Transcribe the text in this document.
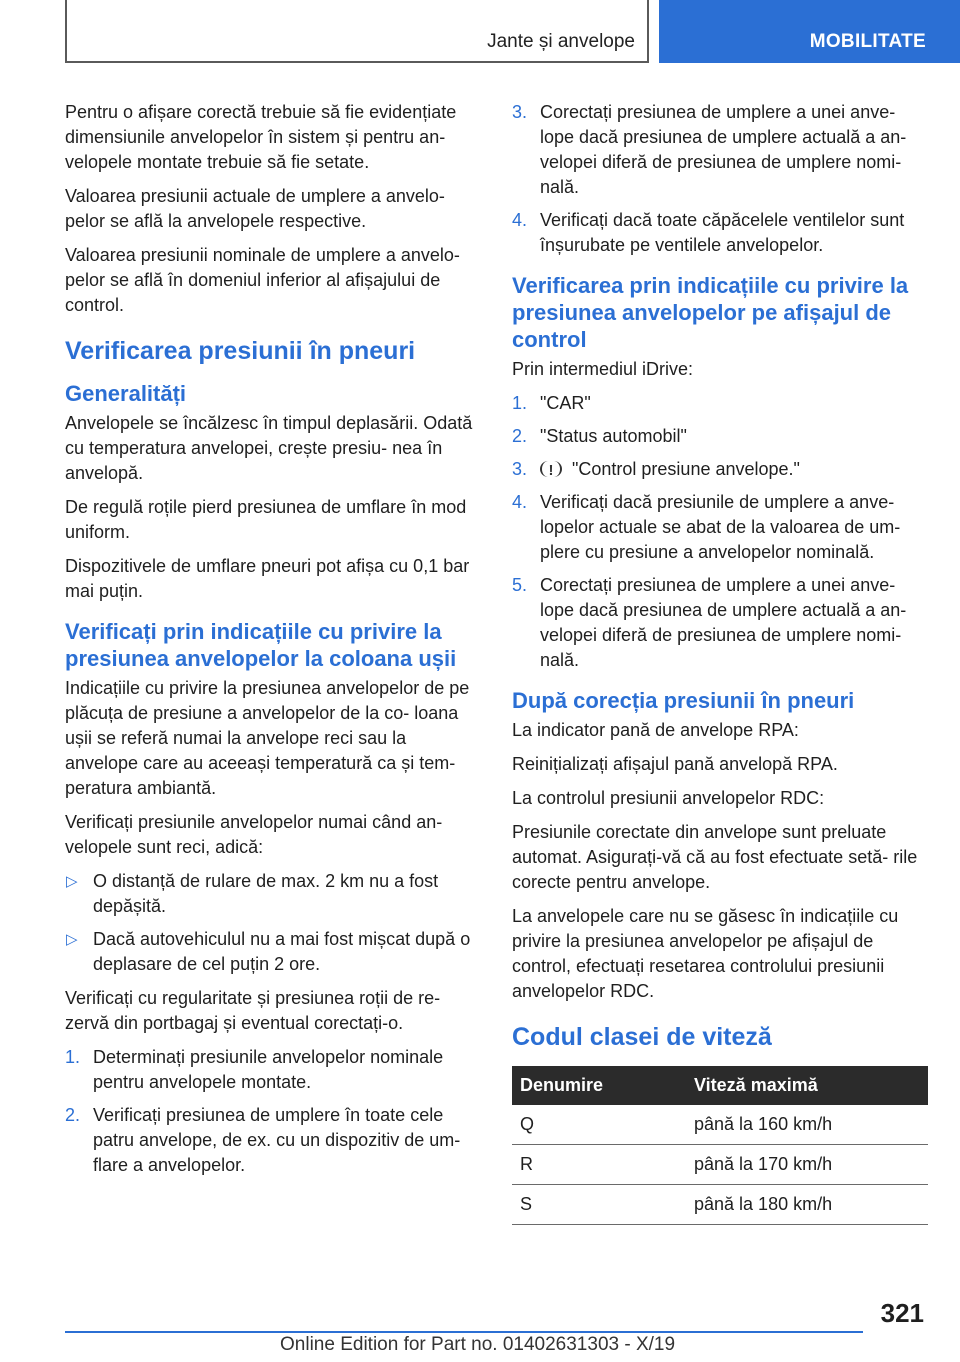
Jante și anvelope	MOBILITATE

Pentru o afișare corectă trebuie să fie evidențiate dimensiunile anvelopelor în sistem și pentru an- velopele montate trebuie să fie setate.

Valoarea presiunii actuale de umplere a anvelo- pelor se află la anvelopele respective.

Valoarea presiunii nominale de umplere a anvelo- pelor se află în domeniul inferior al afișajului de control.

Verificarea presiunii în pneuri
Generalități

Anvelopele se încălzesc în timpul deplasării. Odată cu temperatura anvelopei, crește presiu- nea în anvelopă.

De regulă roțile pierd presiunea de umflare în mod uniform.

Dispozitivele de umflare pneuri pot afișa cu 0,1 bar mai puțin.

Verificați prin indicațiile cu privire la presiunea anvelopelor la coloana ușii

Indicațiile cu privire la presiunea anvelopelor de pe plăcuța de presiune a anvelopelor de la co- loana ușii se referă numai la anvelope reci sau la anvelope care au aceeași temperatură ca și tem- peratura ambiantă.

Verificați presiunile anvelopelor numai când an- velopele sunt reci, adică:

▷ O distanță de rulare de max. 2 km nu a fost depășită.
▷ Dacă autovehiculul nu a mai fost mișcat după o deplasare de cel puțin 2 ore.

Verificați cu regularitate și presiunea roții de re- zervă din portbagaj și eventual corectați-o.

1. Determinați presiunile anvelopelor nominale pentru anvelopele montate.
2. Verificați presiunea de umplere în toate cele patru anvelope, de ex. cu un dispozitiv de um- flare a anvelopelor.
3. Corectați presiunea de umplere a unei anve- lope dacă presiunea de umplere actuală a an- velopei diferă de presiunea de umplere nomi- nală.
4. Verificați dacă toate căpăcelele ventilelor sunt înșurubate pe ventilele anvelopelor.
Verificarea prin indicațiile cu privire la presiunea anvelopelor pe afișajul de control

Prin intermediul iDrive:

1. "CAR"
2. "Status automobil"
3. ! "Control presiune anvelope."
4. Verificați dacă presiunile de umplere a anve- lopelor actuale se abat de la valoarea de um- plere cu presiune a anvelopelor nominală.
5. Corectați presiunea de umplere a unei anve- lope dacă presiunea de umplere actuală a an- velopei diferă de presiunea de umplere nomi- nală.
După corecția presiunii în pneuri

La indicator pană de anvelope RPA:

Reinițializați afișajul pană anvelopă RPA.

La controlul presiunii anvelopelor RDC:

Presiunile corectate din anvelope sunt preluate automat. Asigurați-vă că au fost efectuate setă- rile corecte pentru anvelope.

La anvelopele care nu se găsesc în indicațiile cu privire la presiunea anvelopelor pe afișajul de control, efectuați resetarea controlului presiunii anvelopelor RDC.

Codul clasei de viteză
Denumire	Viteză maximă
Q	până la 160 km/h
R	până la 170 km/h
S	până la 180 km/h
321
Online Edition for Part no. 01402631303 - X/19
